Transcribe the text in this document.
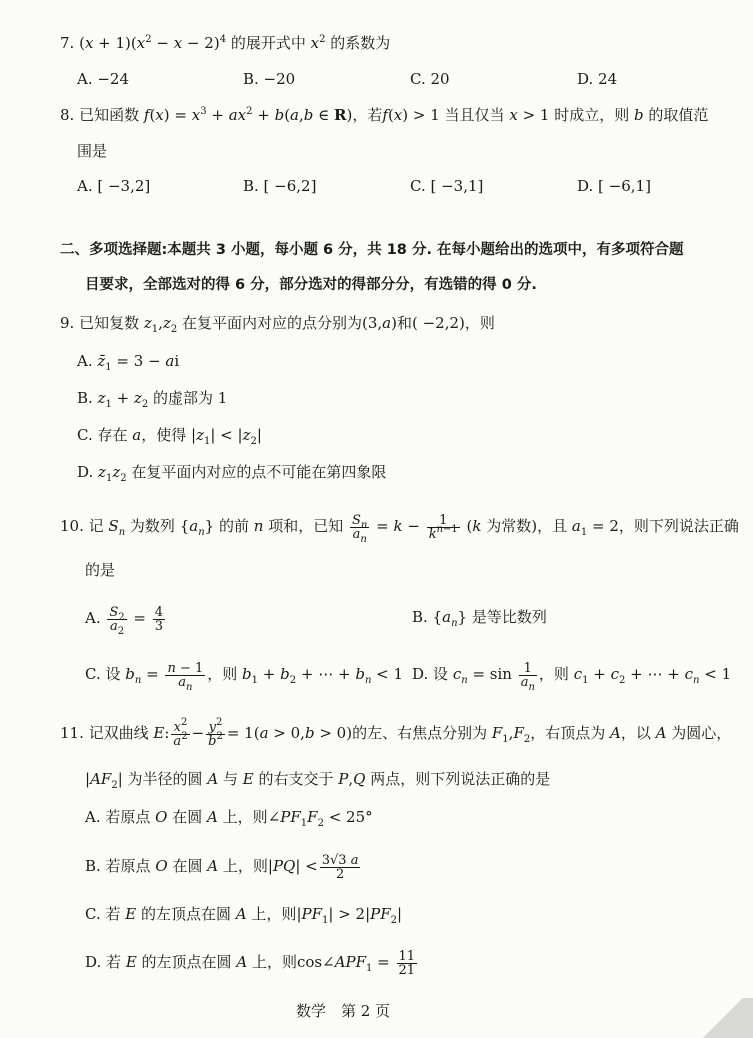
7. $(x + 1)(x^2 - x - 2)^4$ 的展开式中 $x^2$ 的系数为
A. −24	B. −20	C. 20	D. 24
8. 已知函数 $f(x) = x^3 + ax^2 + b(a,b$ ∈ R)，若f(x) > 1 当且仅当 x > 1 时成立，则 b 的取值范
围是
A. [ −3,2]	B. [ −6,2]	C. [ −3,1]	D. [ −6,1]
二、多项选择题:本题共 3 小题，每小题 6 分，共 18 分. 在每小题给出的选项中，有多项符合题
目要求，全部选对的得 6 分，部分选对的得部分分，有选错的得 0 分.
9. 已知复数 $z_1,z_2$ 在复平面内对应的点分别为(3,a)和( −2,2)，则
A. $z̄_1 = 3$ − ai
B. $z_1 + z_2$ 的虚部为 1
C. 存在 a，使得 $|z_1| < |z_2|$
D. $z_1z_2$ 在复平面内对应的点不可能在第四象限
10. 记 $S_n$ 为数列 $\{a_n\}$ 的前 n 项和，已知 $\frac{S_n}{a_n} = k - \frac{1}{k^{n-1}} (k$ 为常数)，且 $a_1 = 2$，则下列说法正确
的是
A. $\frac{S_2}{a_2} = \frac{4}{3}$	B. $\{a_n\}$ 是等比数列
C. 设 $b_n = \frac{n - 1}{a_n}$ ，则 $b_1 + b_2$ + ⋯ + $b_n < 1$ D. 设 $c_n = \sin \frac{1}{a_n}$ ，则 $c_1 + c_2$ + ⋯ + $c_n < 1$
11. 记双曲线 E: $\frac{x^2}{a^2} - \frac{y^2}{b^2} = 1(a > 0,b > 0)$的左、右焦点分别为 $F_1,F_2$，右顶点为 A，以 A 为圆心，
$|AF_2|$ 为半径的圆 A 与 E 的右支交于 P,Q 两点，则下列说法正确的是
A. 若原点 O 在圆 A 上，则$\angle PF_1F_2 < 25^\circ$
B. 若原点 O 在圆 A 上，则$|PQ| < \frac{3√3 a}{2}$
C. 若 E 的左顶点在圆 A 上，则$|PF_1| > 2|PF_2|$
D. 若 E 的左顶点在圆 A 上，则$\cos\angle APF_1 = \frac{11}{21}$
数学　第 2 页
